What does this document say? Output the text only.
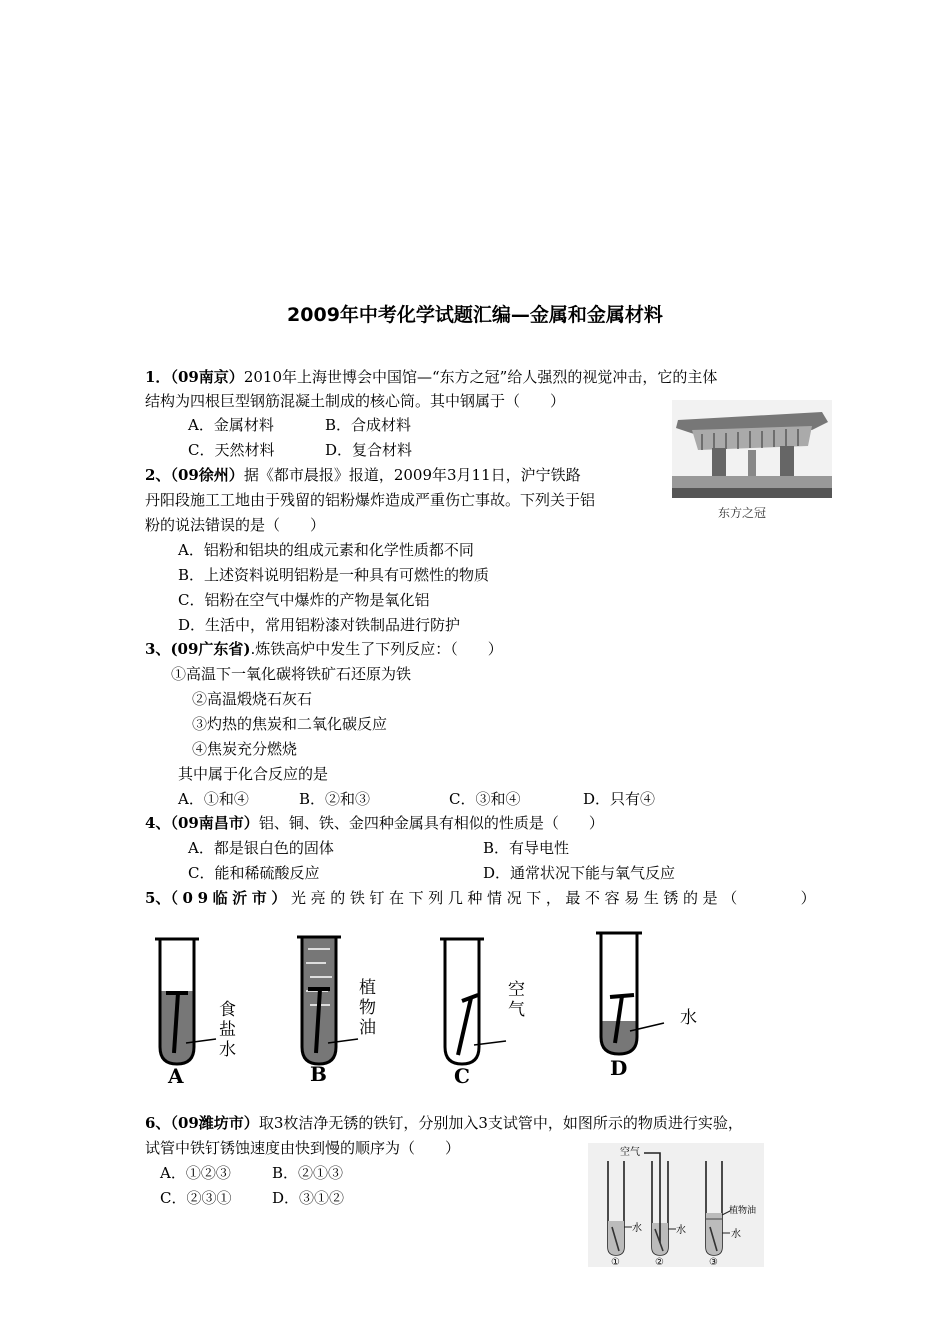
2009年中考化学试题汇编—金属和金属材料
1．（09南京）2010年上海世博会中国馆—“东方之冠”给人强烈的视觉冲击，它的主体
结构为四根巨型钢筋混凝土制成的核心筒。其中钢属于（　　）
A．金属材料	B．合成材料
C．天然材料	D．复合材料
东方之冠
2、（09徐州）据《都市晨报》报道，2009年3月11日，沪宁铁路
丹阳段施工工地由于残留的铝粉爆炸造成严重伤亡事故。下列关于铝
粉的说法错误的是（　　）
A．铝粉和铝块的组成元素和化学性质都不同
B．上述资料说明铝粉是一种具有可燃性的物质
C．铝粉在空气中爆炸的产物是氧化铝
D．生活中，常用铝粉漆对铁制品进行防护
3、(09广东省).炼铁高炉中发生了下列反应：（　　）
①高温下一氧化碳将铁矿石还原为铁
②高温煅烧石灰石
③灼热的焦炭和二氧化碳反应
④焦炭充分燃烧
其中属于化合反应的是
A．①和④	B．②和③	C．③和④	D．只有④
4、（09南昌市）铝、铜、铁、金四种金属具有相似的性质是（　　）
A．都是银白色的固体	B．有导电性
C．能和稀硫酸反应	D．通常状况下能与氧气反应
5、（09临沂市）光亮的铁钉在下列几种情况下，最不容易生锈的是（　　　）
食
盐
水
A
植
物
油
B
空
气
C
水
D
6、（09潍坊市）取3枚洁净无锈的铁钉，分别加入3支试管中，如图所示的物质进行实验，
试管中铁钉锈蚀速度由快到慢的顺序为（　　）
A．①②③	B．②①③
C．②③①	D．③①②
水
①
水
空气
②
植物油
水
③
